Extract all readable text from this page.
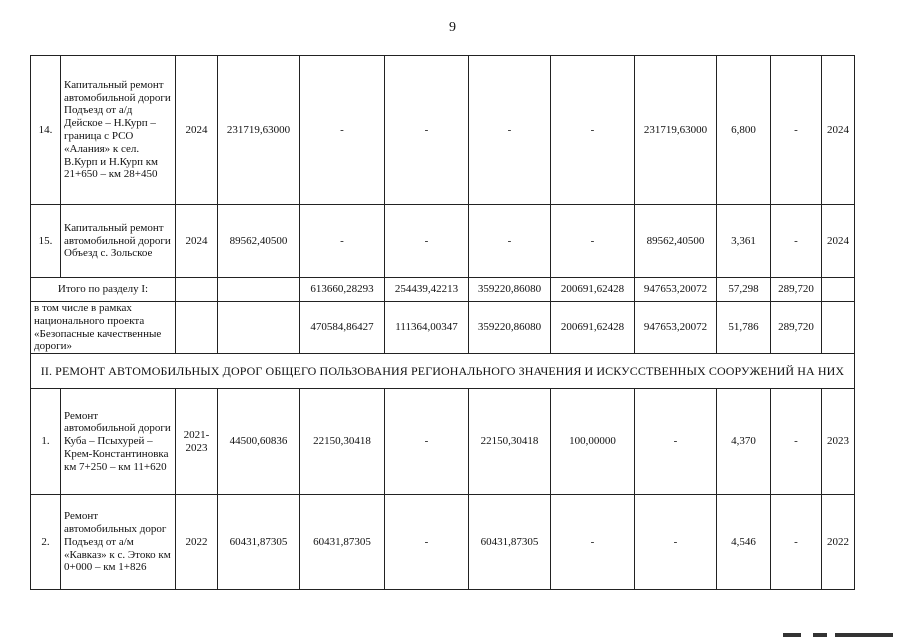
9
14.	Капитальный ремонт автомобильной дороги Подъезд от а/д Дейское – Н.Курп – граница с РСО «Алания» к сел. В.Курп и Н.Курп км 21+650 – км 28+450	2024	231719,63000	-	-	-	-	231719,63000	6,800	-	2024
15.	Капитальный ремонт автомобильной дороги Объезд с. Зольское	2024	89562,40500	-	-	-	-	89562,40500	3,361	-	2024
Итого по разделу I:				613660,28293	254439,42213	359220,86080	200691,62428	947653,20072	57,298	289,720	
в том числе в рамках национального проекта «Безопасные качественные дороги»				470584,86427	111364,00347	359220,86080	200691,62428	947653,20072	51,786	289,720	
II. РЕМОНТ АВТОМОБИЛЬНЫХ ДОРОГ ОБЩЕГО ПОЛЬЗОВАНИЯ РЕГИОНАЛЬНОГО ЗНАЧЕНИЯ И ИСКУССТВЕННЫХ СООРУЖЕНИЙ НА НИХ											
1.	Ремонт автомобильной дороги Куба – Псыхурей – Крем-Константиновка км 7+250 – км 11+620	2021-2023	44500,60836	22150,30418	-	22150,30418	100,00000	-	4,370	-	2023
2.	Ремонт автомобильных дорог Подъезд от а/м «Кавказ» к с. Этоко км 0+000 – км 1+826	2022	60431,87305	60431,87305	-	60431,87305	-	-	4,546	-	2022
